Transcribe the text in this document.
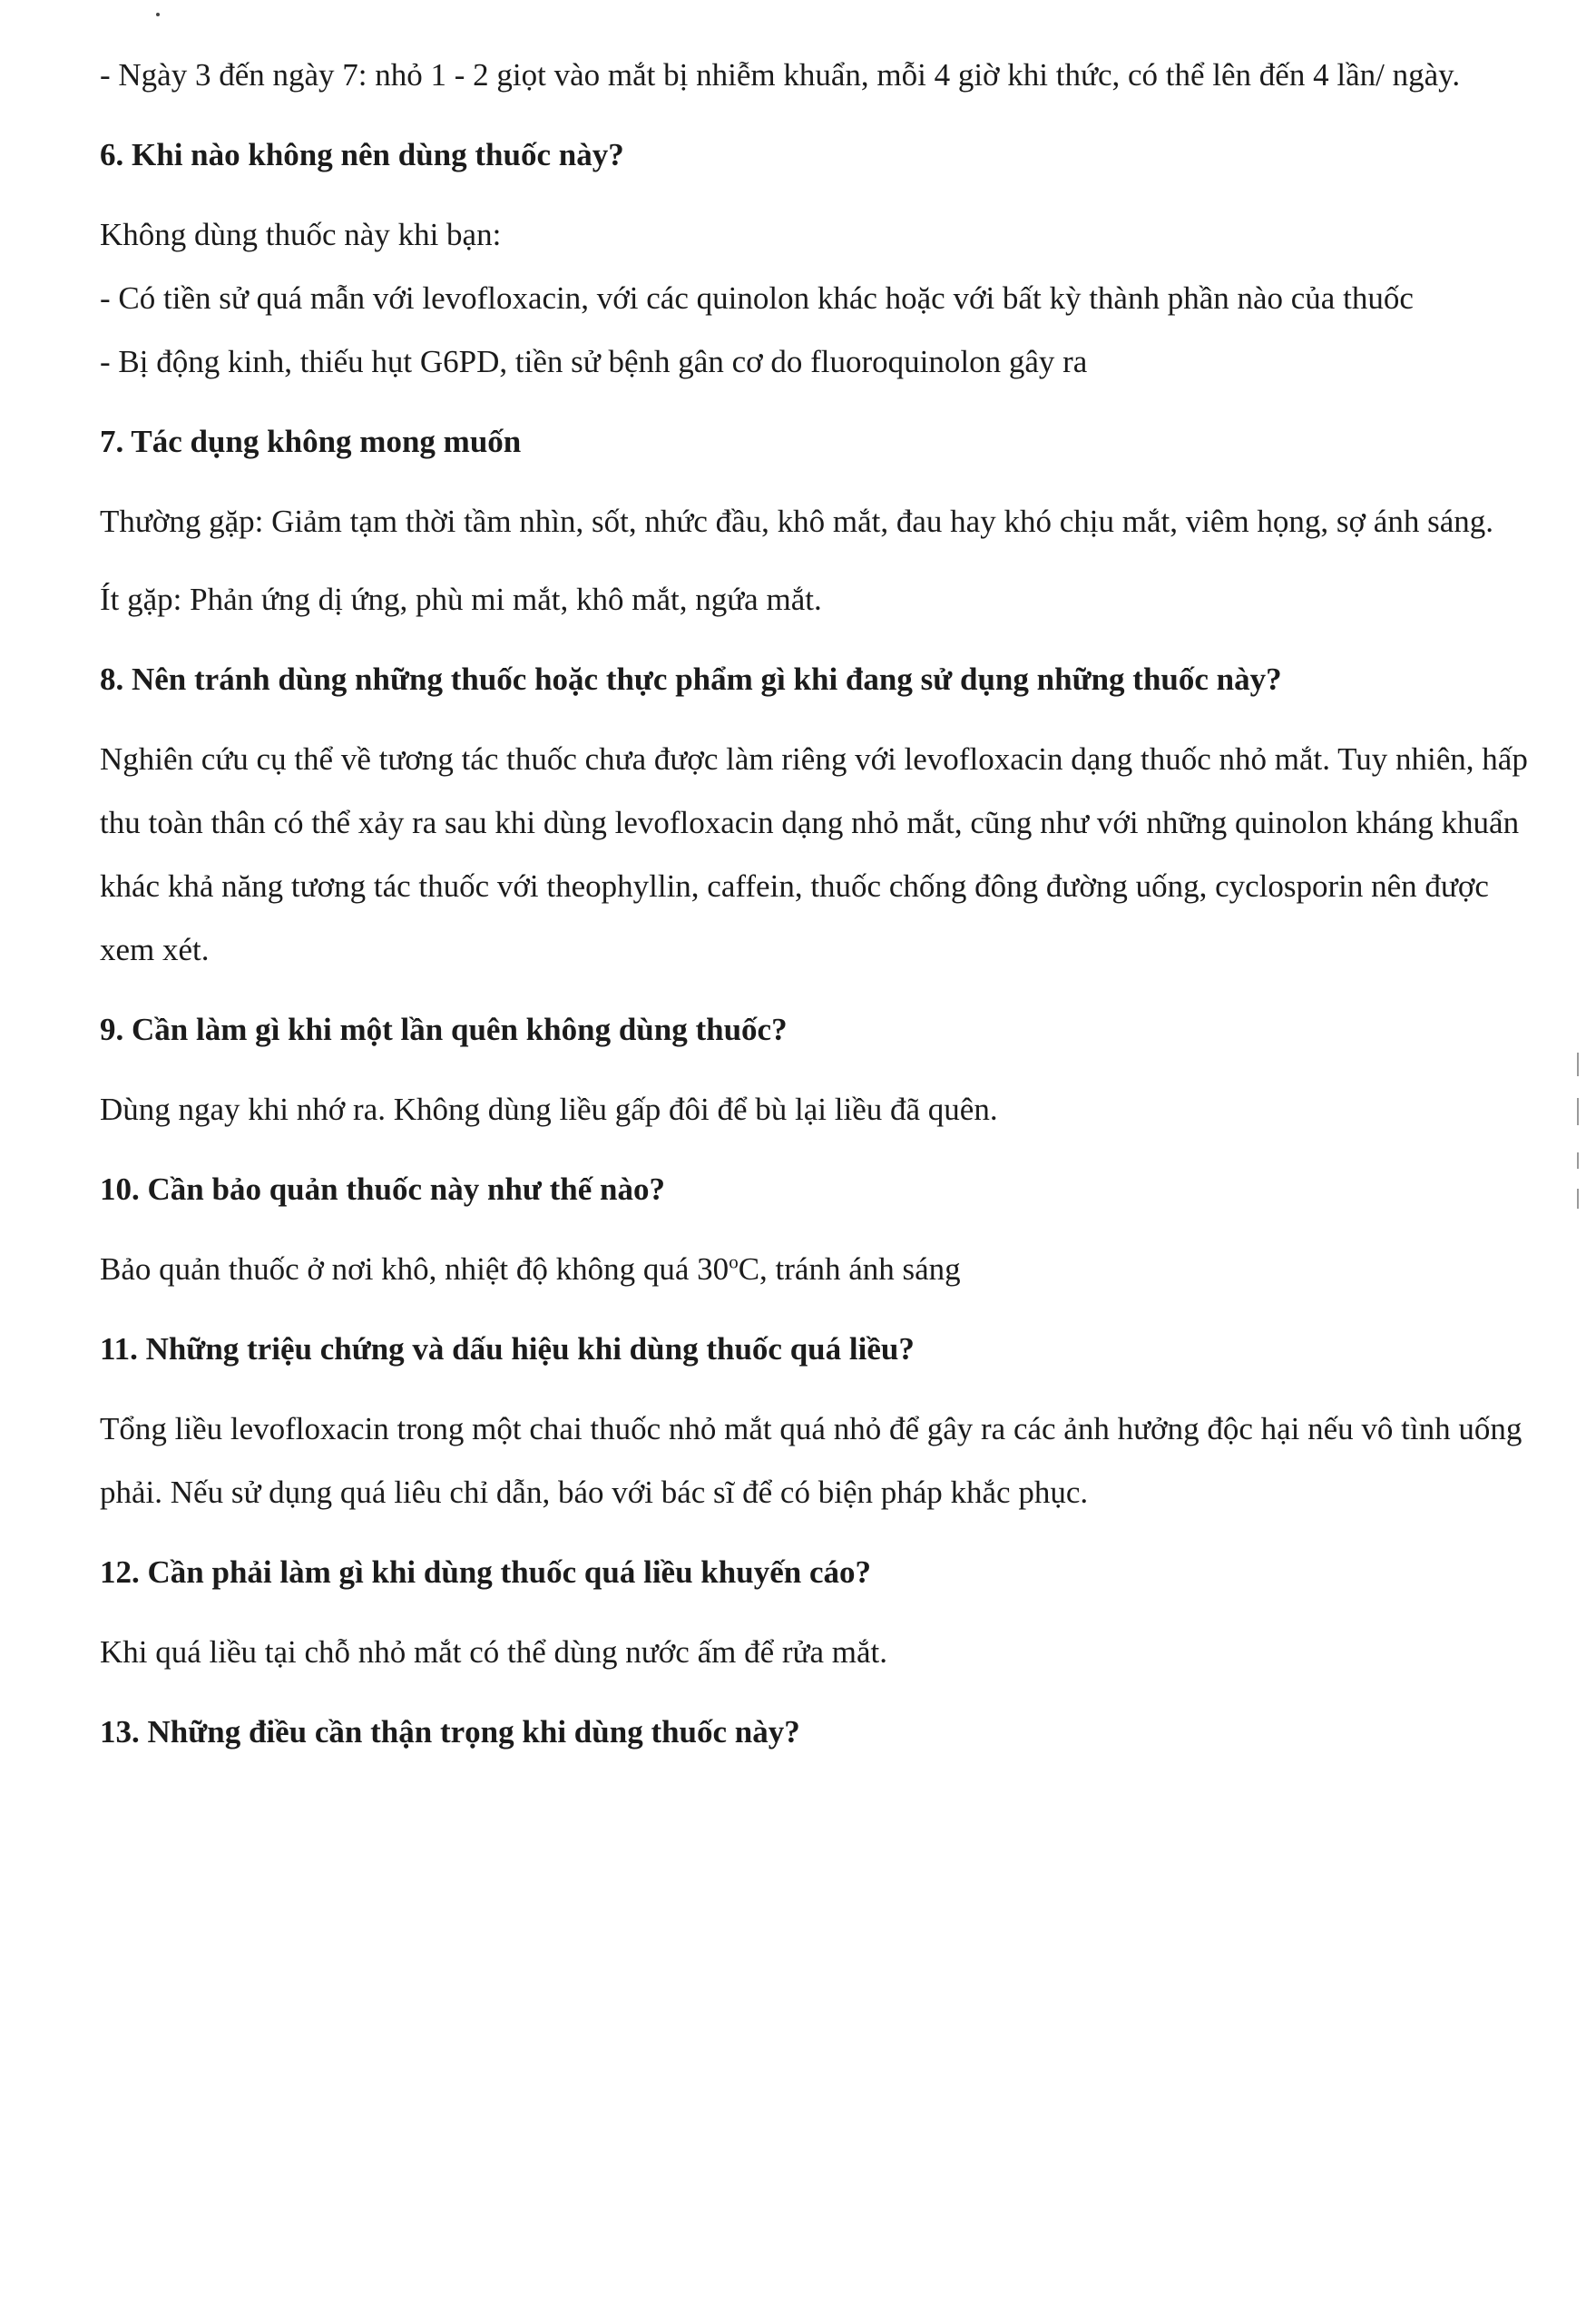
- Ngày 3 đến ngày 7: nhỏ 1 - 2 giọt vào mắt bị nhiễm khuẩn, mỗi 4 giờ khi thức, có thể lên đến 4 lần/ ngày.

6. Khi nào không nên dùng thuốc này?

Không dùng thuốc này khi bạn:

- Có tiền sử quá mẫn với levofloxacin, với các quinolon khác hoặc với bất kỳ thành phần nào của thuốc

- Bị động kinh, thiếu hụt G6PD, tiền sử bệnh gân cơ do fluoroquinolon gây ra

7. Tác dụng không mong muốn

Thường gặp: Giảm tạm thời tầm nhìn, sốt, nhức đầu, khô mắt, đau hay khó chịu mắt, viêm họng, sợ ánh sáng.

Ít gặp: Phản ứng dị ứng, phù mi mắt, khô mắt, ngứa mắt.

8. Nên tránh dùng những thuốc hoặc thực phẩm gì khi đang sử dụng những thuốc này?

Nghiên cứu cụ thể về tương tác thuốc chưa được làm riêng với levofloxacin dạng thuốc nhỏ mắt. Tuy nhiên, hấp thu toàn thân có thể xảy ra sau khi dùng levofloxacin dạng nhỏ mắt, cũng như với những quinolon kháng khuẩn khác khả năng tương tác thuốc với theophyllin, caffein, thuốc chống đông đường uống, cyclosporin nên được xem xét.

9. Cần làm gì khi một lần quên không dùng thuốc?

Dùng ngay khi nhớ ra. Không dùng liều gấp đôi để bù lại liều đã quên.

10. Cần bảo quản thuốc này như thế nào?

Bảo quản thuốc ở nơi khô, nhiệt độ không quá 30$^o$C, tránh ánh sáng

11. Những triệu chứng và dấu hiệu khi dùng thuốc quá liều?

Tổng liều levofloxacin trong một chai thuốc nhỏ mắt quá nhỏ để gây ra các ảnh hưởng độc hại nếu vô tình uống phải. Nếu sử dụng quá liêu chỉ dẫn, báo với bác sĩ để có biện pháp khắc phục.

12. Cần phải làm gì khi dùng thuốc quá liều khuyến cáo?

Khi quá liều tại chỗ nhỏ mắt có thể dùng nước ấm để rửa mắt.

13. Những điều cần thận trọng khi dùng thuốc này?
